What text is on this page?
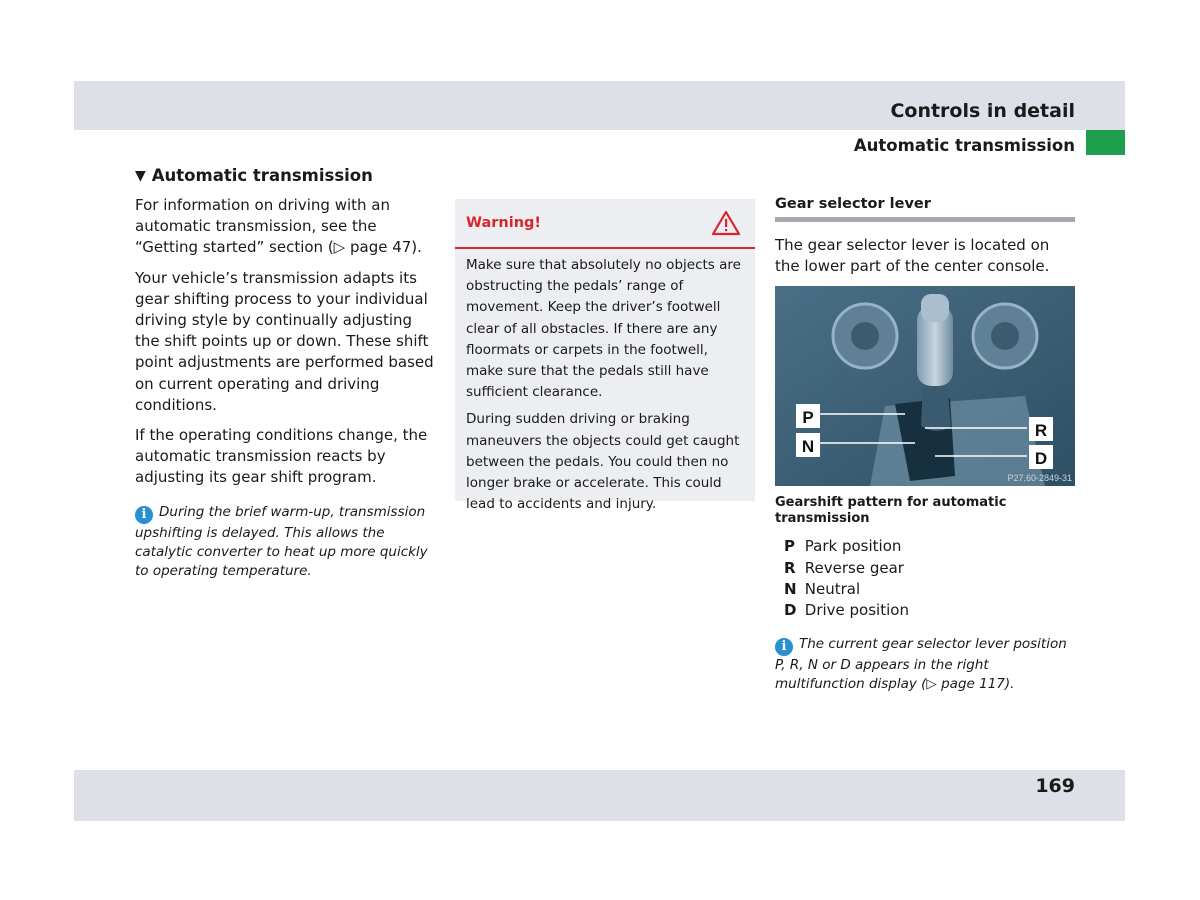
Controls in detail
Automatic transmission
▼ Automatic transmission

For information on driving with an automatic transmission, see the “Getting started” section (▷ page 47).

Your vehicle’s transmission adapts its gear shifting process to your individual driving style by continually adjusting the shift points up or down. These shift point adjustments are performed based on current operating and driving conditions.

If the operating conditions change, the automatic transmission reacts by adjusting its gear shift program.

i During the brief warm-up, transmission upshifting is delayed. This allows the catalytic converter to heat up more quickly to operating temperature.
Warning!

Make sure that absolutely no objects are obstructing the pedals’ range of movement. Keep the driver’s footwell clear of all obstacles. If there are any floormats or carpets in the footwell, make sure that the pedals still have sufficient clearance.

During sudden driving or braking maneuvers the objects could get caught between the pedals. You could then no longer brake or accelerate. This could lead to accidents and injury.

Gear selector lever

The gear selector lever is located on the lower part of the center console.

P
N
R
D
P27.60-2849-31
Gearshift pattern for automatic transmission
P Park position
R Reverse gear
N Neutral
D Drive position
i The current gear selector lever position P, R, N or D appears in the right multifunction display (▷ page 117).
169
